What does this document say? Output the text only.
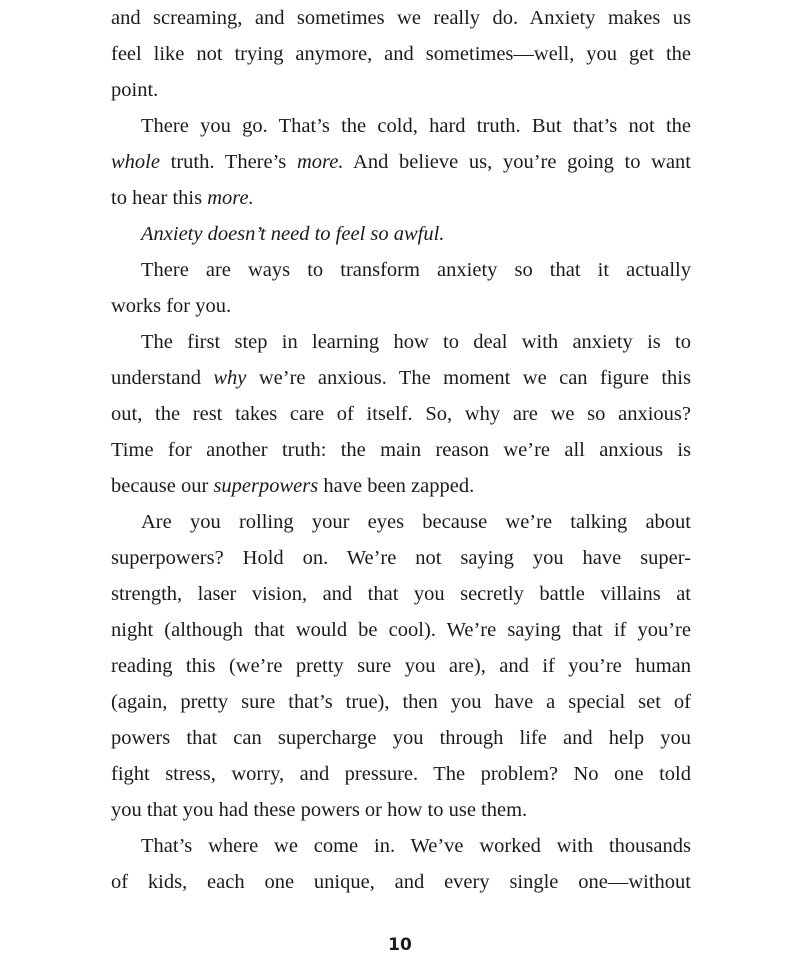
and screaming, and sometimes we really do. Anxiety makes us
feel like not trying anymore, and sometimes—well, you get the
point.
There you go. That’s the cold, hard truth. But that’s not the
whole truth. There’s more. And believe us, you’re going to want
to hear this more.
Anxiety doesn’t need to feel so awful.
There are ways to transform anxiety so that it actually
works for you.
The first step in learning how to deal with anxiety is to
understand why we’re anxious. The moment we can figure this
out, the rest takes care of itself. So, why are we so anxious?
Time for another truth: the main reason we’re all anxious is
because our superpowers have been zapped.
Are you rolling your eyes because we’re talking about
superpowers? Hold on. We’re not saying you have super-
strength, laser vision, and that you secretly battle villains at
night (although that would be cool). We’re saying that if you’re
reading this (we’re pretty sure you are), and if you’re human
(again, pretty sure that’s true), then you have a special set of
powers that can supercharge you through life and help you
fight stress, worry, and pressure. The problem? No one told
you that you had these powers or how to use them.
That’s where we come in. We’ve worked with thousands
of kids, each one unique, and every single one—without
10
